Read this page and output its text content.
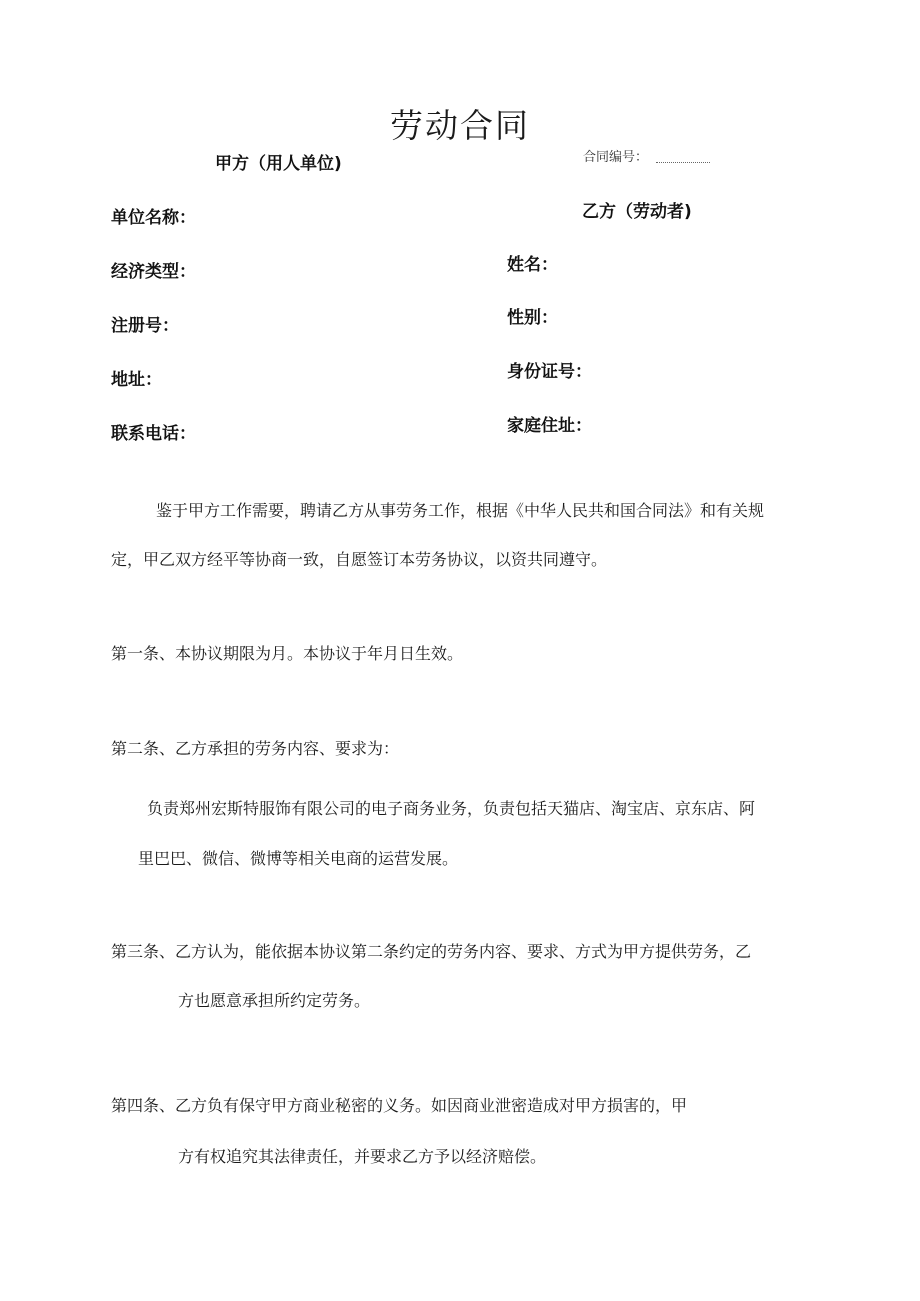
劳动合同
甲方（用人单位)	合同编号：
乙方（劳动者)
单位名称：
经济类型：
注册号：
地址：
联系电话：
姓名：
性别：
身份证号：
家庭住址：
鉴于甲方工作需要，聘请乙方从事劳务工作，根据《中华人民共和国合同法》和有关规
定，甲乙双方经平等协商一致，自愿签订本劳务协议，以资共同遵守。
第一条、本协议期限为月。本协议于年月日生效。
第二条、乙方承担的劳务内容、要求为：
负责郑州宏斯特服饰有限公司的电子商务业务，负责包括天猫店、淘宝店、京东店、阿
里巴巴、微信、微博等相关电商的运营发展。
第三条、乙方认为，能依据本协议第二条约定的劳务内容、要求、方式为甲方提供劳务，乙
方也愿意承担所约定劳务。
第四条、乙方负有保守甲方商业秘密的义务。如因商业泄密造成对甲方损害的，甲
方有权追究其法律责任，并要求乙方予以经济赔偿。
